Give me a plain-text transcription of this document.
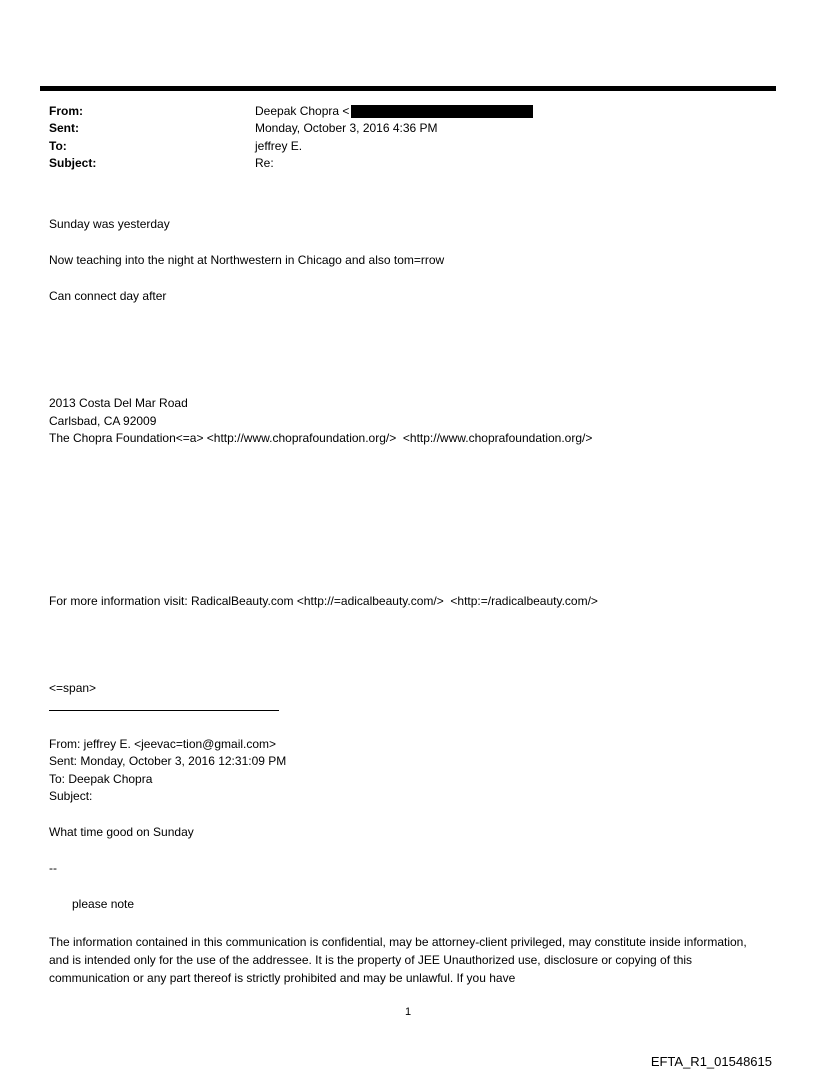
From:	Deepak Chopra <
Sent:	Monday, October 3, 2016 4:36 PM
To:	jeffrey E.
Subject:	Re:
Sunday was yesterday
Now teaching into the night at Northwestern in Chicago and also tom=rrow
Can connect day after
2013 Costa Del Mar Road
Carlsbad, CA 92009
The Chopra Foundation<=a> <http://www.choprafoundation.org/>  <http://www.choprafoundation.org/>
For more information visit: RadicalBeauty.com <http://=adicalbeauty.com/>  <http:=/radicalbeauty.com/>
<=span>
From: jeffrey E. <jeevac=tion@gmail.com>
Sent: Monday, October 3, 2016 12:31:09 PM
To: Deepak Chopra
Subject:
What time good on Sunday
--
please note
The information contained in this communication is confidential, may be attorney-client privileged, may constitute inside information, and is intended only for the use of the addressee. It is the property of JEE Unauthorized use, disclosure or copying of this communication or any part thereof is strictly prohibited and may be unlawful. If you have
1
EFTA_R1_01548615
